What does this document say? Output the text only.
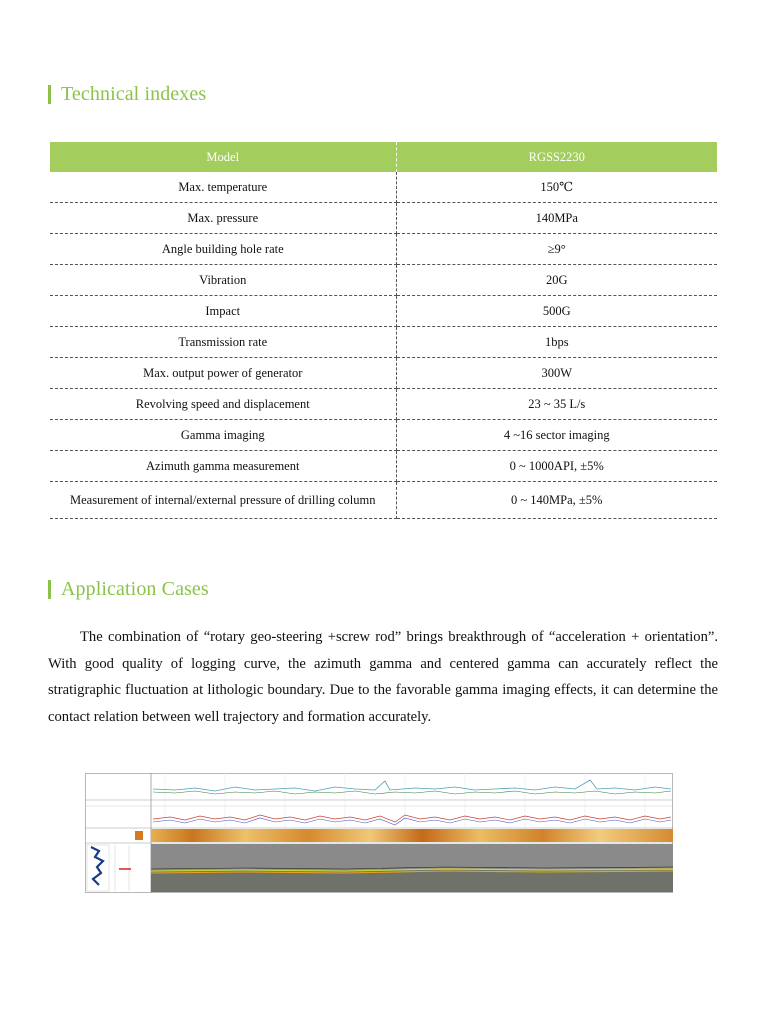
Technical indexes
Model	RGSS2230
Max. temperature	150℃
Max. pressure	140MPa
Angle building hole rate	≥9°
Vibration	20G
Impact	500G
Transmission rate	1bps
Max. output power of generator	300W
Revolving speed and displacement	23 ~ 35 L/s
Gamma imaging	4 ~16 sector imaging
Azimuth gamma measurement	0 ~ 1000API, ±5%
Measurement of internal/external pressure of drilling column	0 ~ 140MPa, ±5%
Application Cases

The combination of “rotary geo-steering +screw rod” brings breakthrough of “acceleration + orientation”. With good quality of logging curve, the azimuth gamma and centered gamma can accurately reflect the stratigraphic fluctuation at lithologic boundary. Due to the favorable gamma imaging effects, it can determine the contact relation between well trajectory and formation accurately.
